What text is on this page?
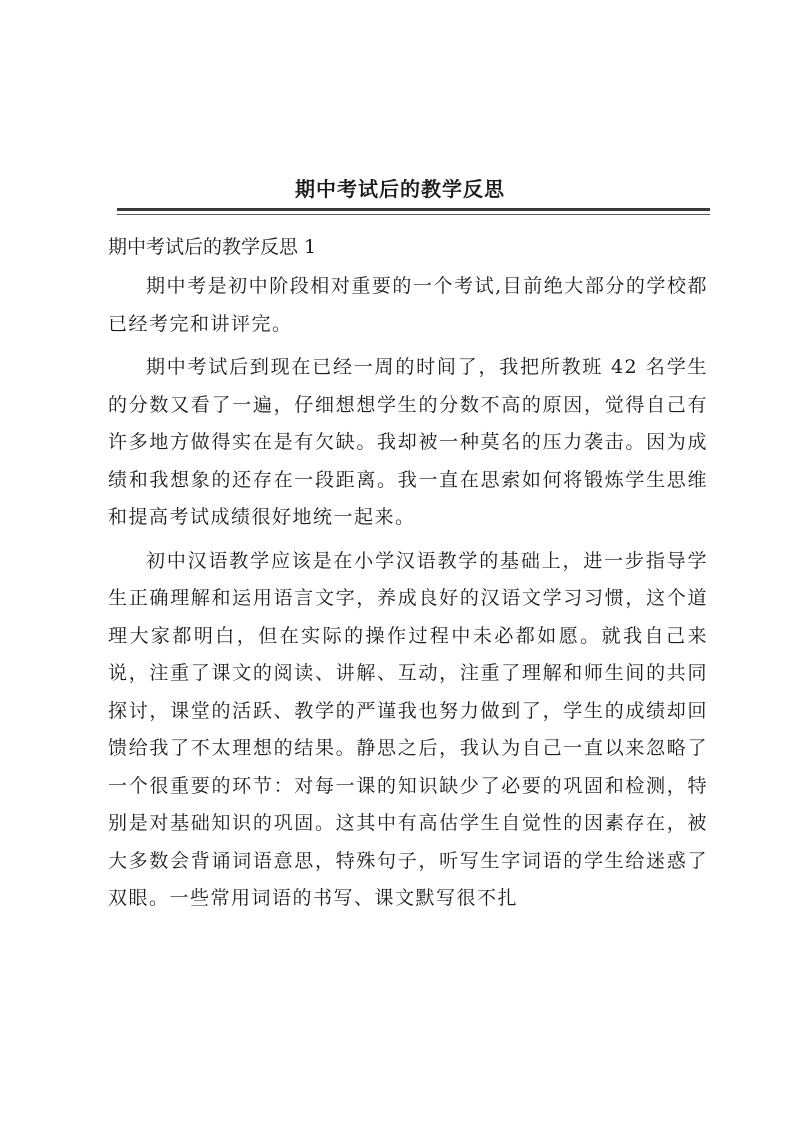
期中考试后的教学反思
期中考试后的教学反思 1

期中考是初中阶段相对重要的一个考试,目前绝大部分的学校都已经考完和讲评完。

期中考试后到现在已经一周的时间了，我把所教班 42 名学生的分数又看了一遍，仔细想想学生的分数不高的原因，觉得自己有许多地方做得实在是有欠缺。我却被一种莫名的压力袭击。因为成绩和我想象的还存在一段距离。我一直在思索如何将锻炼学生思维和提高考试成绩很好地统一起来。

初中汉语教学应该是在小学汉语教学的基础上，进一步指导学生正确理解和运用语言文字，养成良好的汉语文学习习惯，这个道理大家都明白，但在实际的操作过程中未必都如愿。就我自己来说，注重了课文的阅读、讲解、互动，注重了理解和师生间的共同探讨，课堂的活跃、教学的严谨我也努力做到了，学生的成绩却回馈给我了不太理想的结果。静思之后，我认为自己一直以来忽略了一个很重要的环节：对每一课的知识缺少了必要的巩固和检测，特别是对基础知识的巩固。这其中有高估学生自觉性的因素存在，被大多数会背诵词语意思，特殊句子，听写生字词语的学生给迷惑了双眼。一些常用词语的书写、课文默写很不扎
